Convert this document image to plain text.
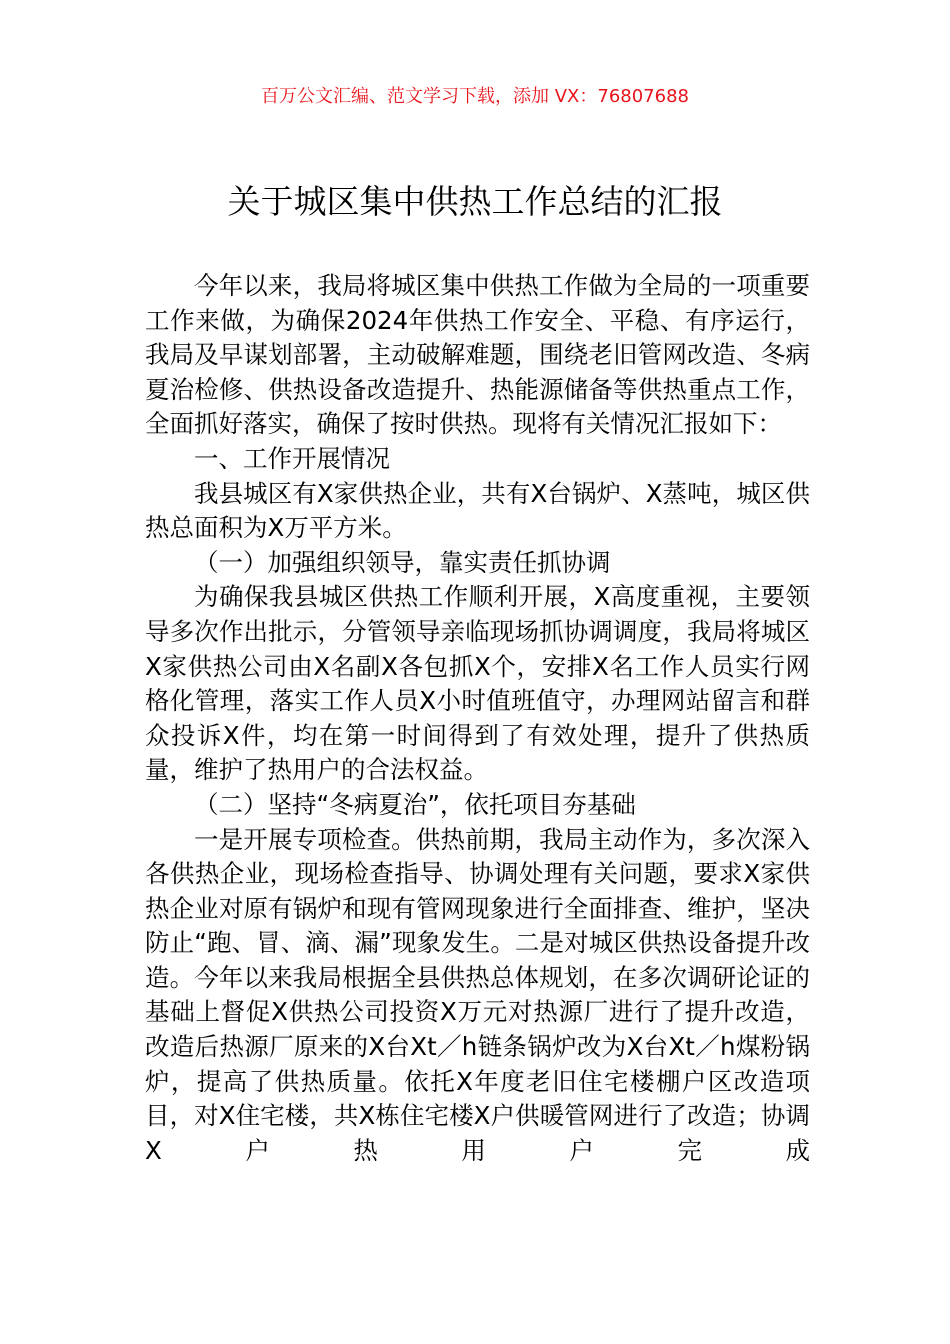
百万公文汇编、范文学习下载，添加 VX：76807688
关于城区集中供热工作总结的汇报

今年以来，我局将城区集中供热工作做为全局的一项重要工作来做，为确保2024年供热工作安全、平稳、有序运行，我局及早谋划部署，主动破解难题，围绕老旧管网改造、冬病夏治检修、供热设备改造提升、热能源储备等供热重点工作，全面抓好落实，确保了按时供热。现将有关情况汇报如下：

一、工作开展情况

我县城区有X家供热企业，共有X台锅炉、X蒸吨，城区供热总面积为X万平方米。

（一）加强组织领导，靠实责任抓协调

为确保我县城区供热工作顺利开展，X高度重视，主要领导多次作出批示，分管领导亲临现场抓协调调度，我局将城区X家供热公司由X名副X各包抓X个，安排X名工作人员实行网格化管理，落实工作人员X小时值班值守，办理网站留言和群众投诉X件，均在第一时间得到了有效处理，提升了供热质量，维护了热用户的合法权益。

（二）坚持“冬病夏治”，依托项目夯基础

一是开展专项检查。供热前期，我局主动作为，多次深入各供热企业，现场检查指导、协调处理有关问题，要求X家供热企业对原有锅炉和现有管网现象进行全面排查、维护，坚决防止“跑、冒、滴、漏”现象发生。二是对城区供热设备提升改造。今年以来我局根据全县供热总体规划，在多次调研论证的基础上督促X供热公司投资X万元对热源厂进行了提升改造，改造后热源厂原来的X台Xt／h链条锅炉改为X台Xt／h煤粉锅炉，提高了供热质量。依托X年度老旧住宅楼棚户区改造项目，对X住宅楼，共X栋住宅楼X户供暖管网进行了改造；协调X户热用户完成
